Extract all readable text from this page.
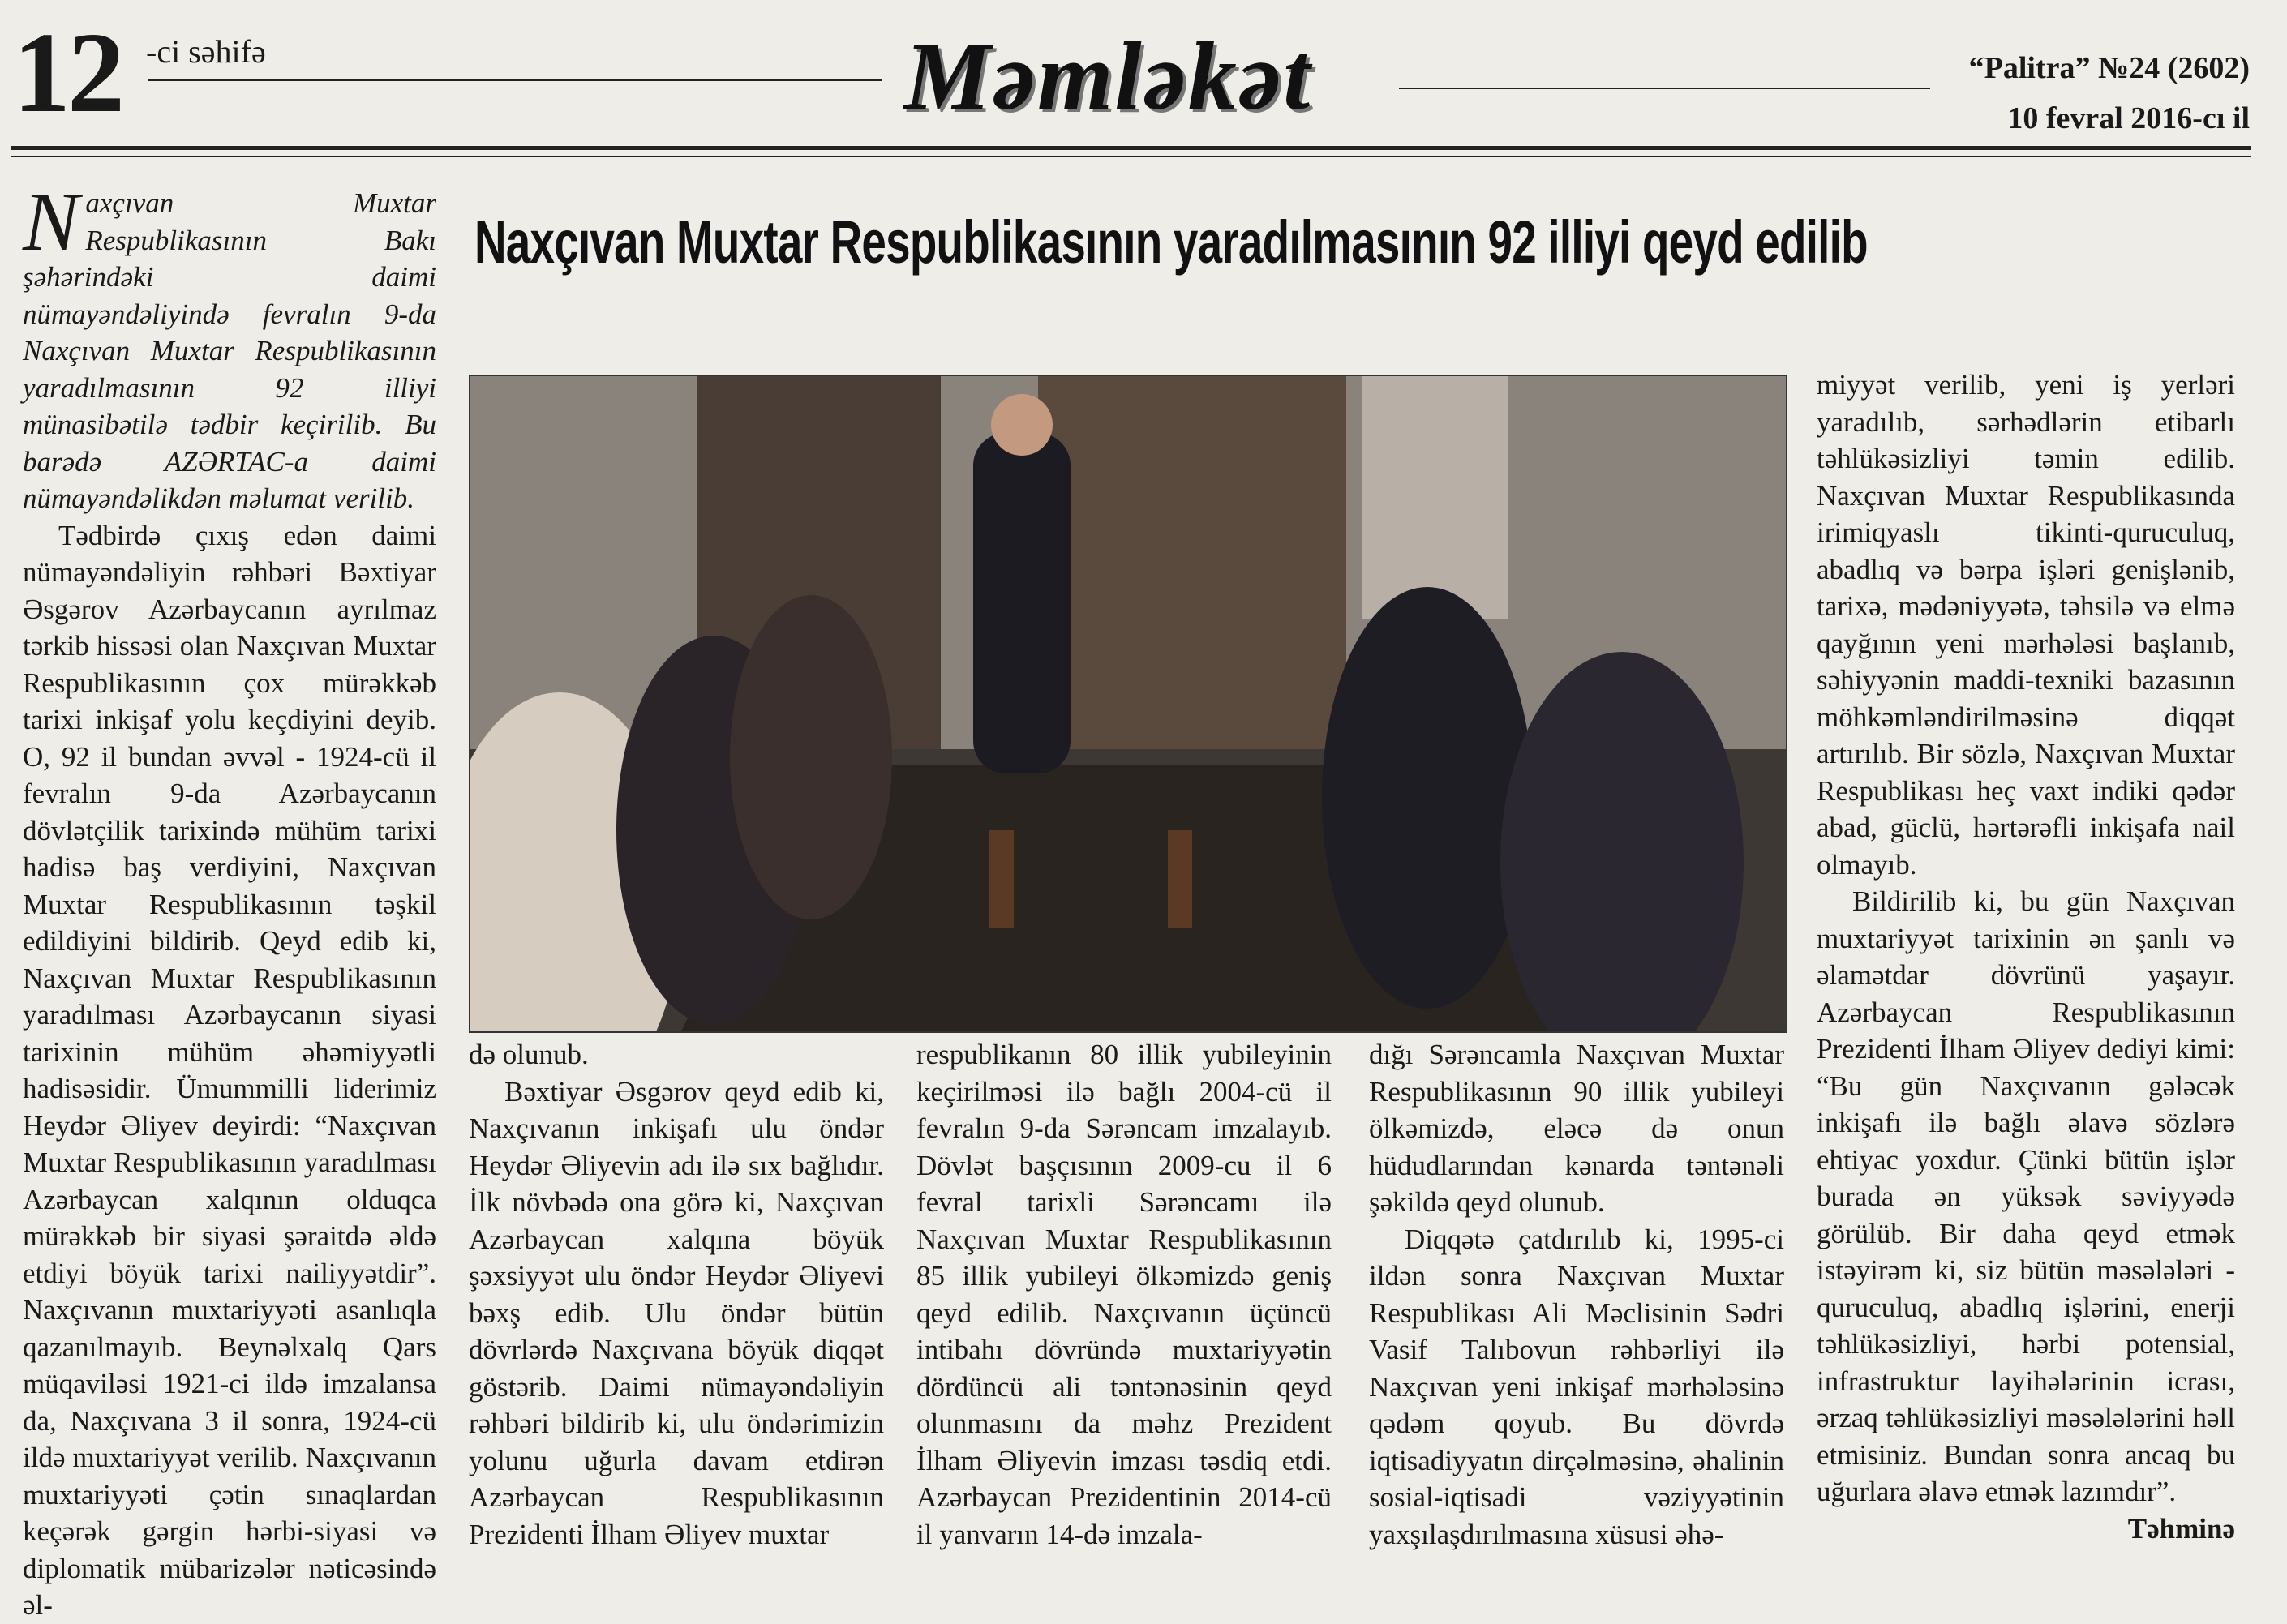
12 -ci səhifə	Məmləkət	“Palitra” №24 (2602)
10 fevral 2016-cı il
Naxçıvan Muxtar Respublikasının yaradılmasının 92 illiyi qeyd edilib

Naxçıvan Muxtar Respublikasının Bakı şəhərindəki daimi nümayəndəliyində fevralın 9-da Naxçıvan Muxtar Respublikasının yaradılmasının 92 illiyi münasibətilə tədbir keçirilib. Bu barədə AZƏRTAC-a daimi nümayəndəlikdən məlumat verilib.

Tədbirdə çıxış edən daimi nümayəndəliyin rəhbəri Bəxtiyar Əsgərov Azərbaycanın ayrılmaz tərkib hissəsi olan Naxçıvan Muxtar Respublikasının çox mürəkkəb tarixi inkişaf yolu keçdiyini deyib. O, 92 il bundan əvvəl - 1924-cü il fevralın 9-da Azərbaycanın dövlətçilik tarixində mühüm tarixi hadisə baş verdiyini, Naxçıvan Muxtar Respublikasının təşkil edildiyini bildirib. Qeyd edib ki, Naxçıvan Muxtar Respublikasının yaradılması Azərbaycanın siyasi tarixinin mühüm əhəmiyyətli hadisəsidir. Ümummilli liderimiz Heydər Əliyev deyirdi: “Naxçıvan Muxtar Respublikasının yaradılması Azərbaycan xalqının olduqca mürəkkəb bir siyasi şəraitdə əldə etdiyi böyük tarixi nailiyyətdir”. Naxçıvanın muxtariyyəti asanlıqla qazanılmayıb. Beynəlxalq Qars müqaviləsi 1921-ci ildə imzalansa da, Naxçıvana 3 il sonra, 1924-cü ildə muxtariyyət verilib. Naxçıvanın muxtariyyəti çətin sınaqlardan keçərək gərgin hərbi-siyasi və diplomatik mübarizələr nəticəsində əl-

də olunub.

Bəxtiyar Əsgərov qeyd edib ki, Naxçıvanın inkişafı ulu öndər Heydər Əliyevin adı ilə sıx bağlıdır. İlk növbədə ona görə ki, Naxçıvan Azərbaycan xalqına böyük şəxsiyyət ulu öndər Heydər Əliyevi bəxş edib. Ulu öndər bütün dövrlərdə Naxçıvana böyük diqqət göstərib. Daimi nümayəndəliyin rəhbəri bildirib ki, ulu öndərimizin yolunu uğurla davam etdirən Azərbaycan Respublikasının Prezidenti İlham Əliyev muxtar

respublikanın 80 illik yubileyinin keçirilməsi ilə bağlı 2004-cü il fevralın 9-da Sərəncam imzalayıb. Dövlət başçısının 2009-cu il 6 fevral tarixli Sərəncamı ilə Naxçıvan Muxtar Respublikasının 85 illik yubileyi ölkəmizdə geniş qeyd edilib. Naxçıvanın üçüncü intibahı dövründə muxtariyyətin dördüncü ali təntənəsinin qeyd olunmasını da məhz Prezident İlham Əliyevin imzası təsdiq etdi. Azərbaycan Prezidentinin 2014-cü il yanvarın 14-də imzala-

dığı Sərəncamla Naxçıvan Muxtar Respublikasının 90 illik yubileyi ölkəmizdə, eləcə də onun hüdudlarından kənarda təntənəli şəkildə qeyd olunub.

Diqqətə çatdırılıb ki, 1995-ci ildən sonra Naxçıvan Muxtar Respublikası Ali Məclisinin Sədri Vasif Talıbovun rəhbərliyi ilə Naxçıvan yeni inkişaf mərhələsinə qədəm qoyub. Bu dövrdə iqtisadiyyatın dirçəlməsinə, əhalinin sosial-iqtisadi vəziyyətinin yaxşılaşdırılmasına xüsusi əhə-

miyyət verilib, yeni iş yerləri yaradılıb, sərhədlərin etibarlı təhlükəsizliyi təmin edilib. Naxçıvan Muxtar Respublikasında irimiqyaslı tikinti-quruculuq, abadlıq və bərpa işləri genişlənib, tarixə, mədəniyyətə, təhsilə və elmə qayğının yeni mərhələsi başlanıb, səhiyyənin maddi-texniki bazasının möhkəmləndirilməsinə diqqət artırılıb. Bir sözlə, Naxçıvan Muxtar Respublikası heç vaxt indiki qədər abad, güclü, hərtərəfli inkişafa nail olmayıb.

Bildirilib ki, bu gün Naxçıvan muxtariyyət tarixinin ən şanlı və əlamətdar dövrünü yaşayır. Azərbaycan Respublikasının Prezidenti İlham Əliyev dediyi kimi: “Bu gün Naxçıvanın gələcək inkişafı ilə bağlı əlavə sözlərə ehtiyac yoxdur. Çünki bütün işlər burada ən yüksək səviyyədə görülüb. Bir daha qeyd etmək istəyirəm ki, siz bütün məsələləri - quruculuq, abadlıq işlərini, enerji təhlükəsizliyi, hərbi potensial, infrastruktur layihələrinin icrası, ərzaq təhlükəsizliyi məsələlərini həll etmisiniz. Bundan sonra ancaq bu uğurlara əlavə etmək lazımdır”.

Təhminə
